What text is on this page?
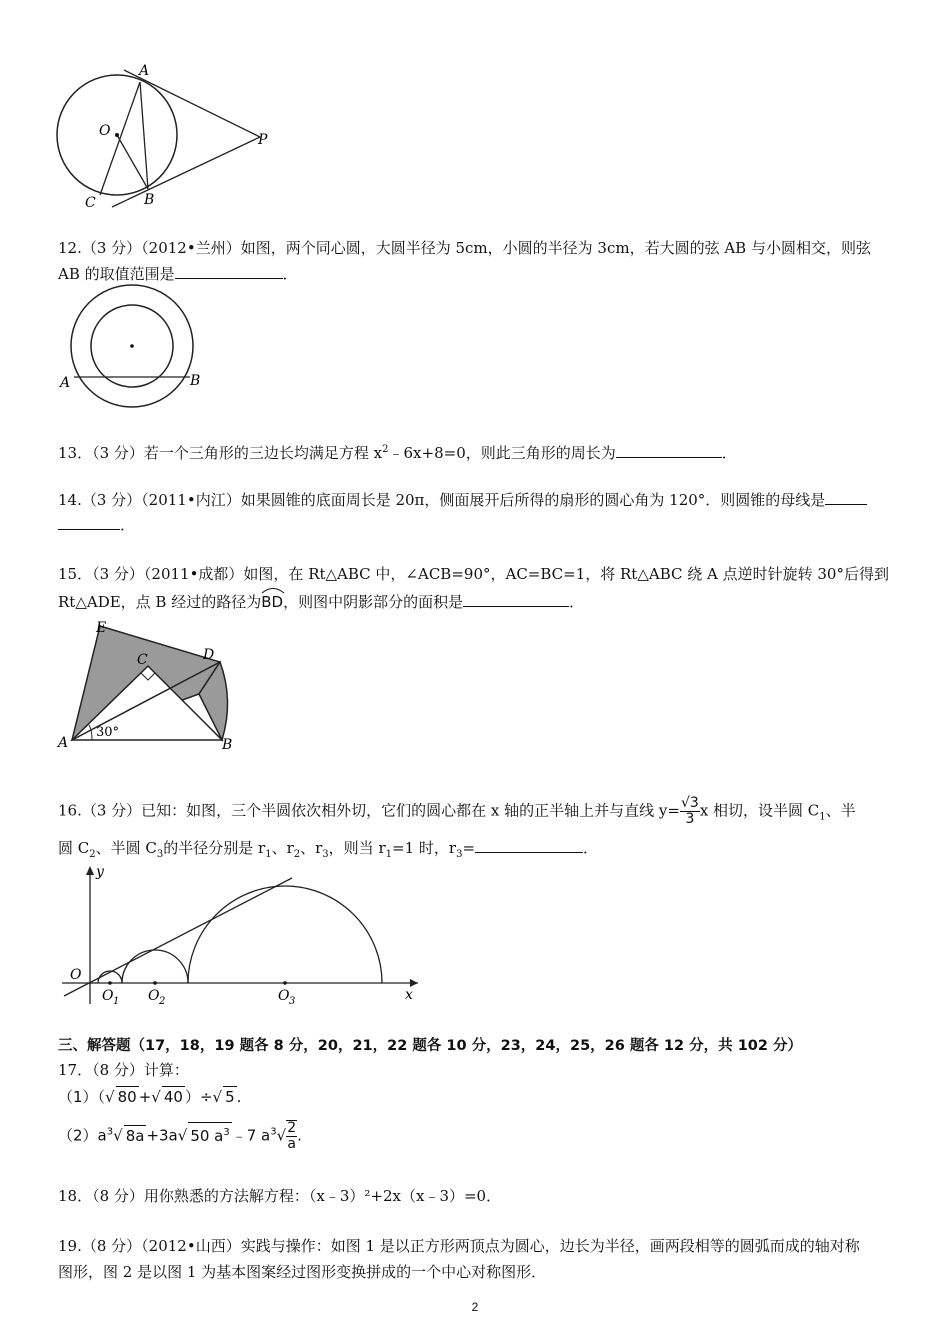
A
O
P
C	B
12.（3 分）（2012•兰州）如图，两个同心圆，大圆半径为 5cm，小圆的半径为 3cm，若大圆的弦 AB 与小圆相交，则弦
AB 的取值范围是	．
A	B
13．（3 分）若一个三角形的三边长均满足方程 $x^2﹣6x+8=0$，则此三角形的周长为	．
14.（3 分）（2011•内江）如果圆锥的底面周长是 20π，侧面展开后所得的扇形的圆心角为 120°．则圆锥的母线是
．
15．（3 分）（2011•成都）如图，在 Rt△ABC 中，∠ACB=90°，AC=BC=1，将 Rt△ABC 绕 A 点逆时针旋转 30°后得到
Rt△ADE，点 B 经过的路径为
BD，则图中阴影部分的面积是	．
E
C	D
A	B
30°
16.（3 分）已知：如图，三个半圆依次相外切，它们的圆心都在 x 轴的正半轴上并与直线 $y= \frac{√3}{3}$ x 相切，设半圆 $C_1$、半
圆 $C_2$、半圆 $C_3$的半径分别是 $r_1$、$r_2$、$r_3$，则当 $r_1=1$ 时，$r_3=$	．
y
O
x
O 1 O 2	O 3
三、解答题（17，18，19 题各 8 分，20，21，22 题各 10 分，23，24，25，26 题各 12 分，共 102 分）
17．（8 分）计算：
（1）（√ 80 +√ 40 ）÷√ 5 .
$(2)a^3√$ 8a +3a√ 50 $a^3$ ﹣7 $a^3√ \frac{2}{a}$ .
18．（8 分）用你熟悉的方法解方程：（x﹣3）²+2x（x﹣3）=0．
19.（8 分）（2012•山西）实践与操作：如图 1 是以正方形两顶点为圆心，边长为半径，画两段相等的圆弧而成的轴对称
图形，图 2 是以图 1 为基本图案经过图形变换拼成的一个中心对称图形．
2
